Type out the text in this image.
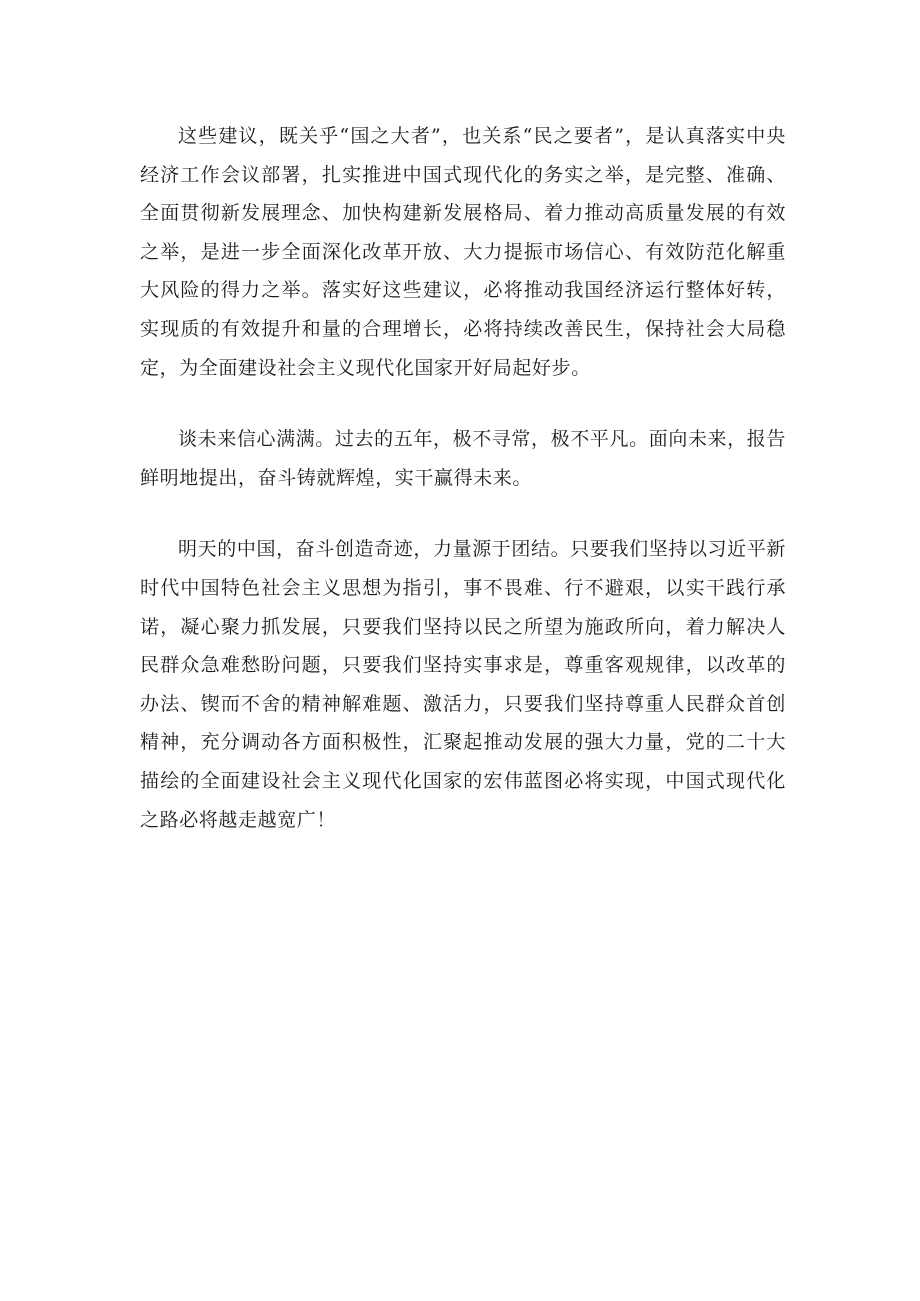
这些建议，既关乎“国之大者”，也关系“民之要者”，是认真落实中央经济工作会议部署，扎实推进中国式现代化的务实之举，是完整、准确、全面贯彻新发展理念、加快构建新发展格局、着力推动高质量发展的有效之举，是进一步全面深化改革开放、大力提振市场信心、有效防范化解重大风险的得力之举。落实好这些建议，必将推动我国经济运行整体好转，实现质的有效提升和量的合理增长，必将持续改善民生，保持社会大局稳定，为全面建设社会主义现代化国家开好局起好步。

谈未来信心满满。过去的五年，极不寻常，极不平凡。面向未来，报告鲜明地提出，奋斗铸就辉煌，实干赢得未来。

明天的中国，奋斗创造奇迹，力量源于团结。只要我们坚持以习近平新时代中国特色社会主义思想为指引，事不畏难、行不避艰，以实干践行承诺，凝心聚力抓发展，只要我们坚持以民之所望为施政所向，着力解决人民群众急难愁盼问题，只要我们坚持实事求是，尊重客观规律，以改革的办法、锲而不舍的精神解难题、激活力，只要我们坚持尊重人民群众首创精神，充分调动各方面积极性，汇聚起推动发展的强大力量，党的二十大描绘的全面建设社会主义现代化国家的宏伟蓝图必将实现，中国式现代化之路必将越走越宽广！
